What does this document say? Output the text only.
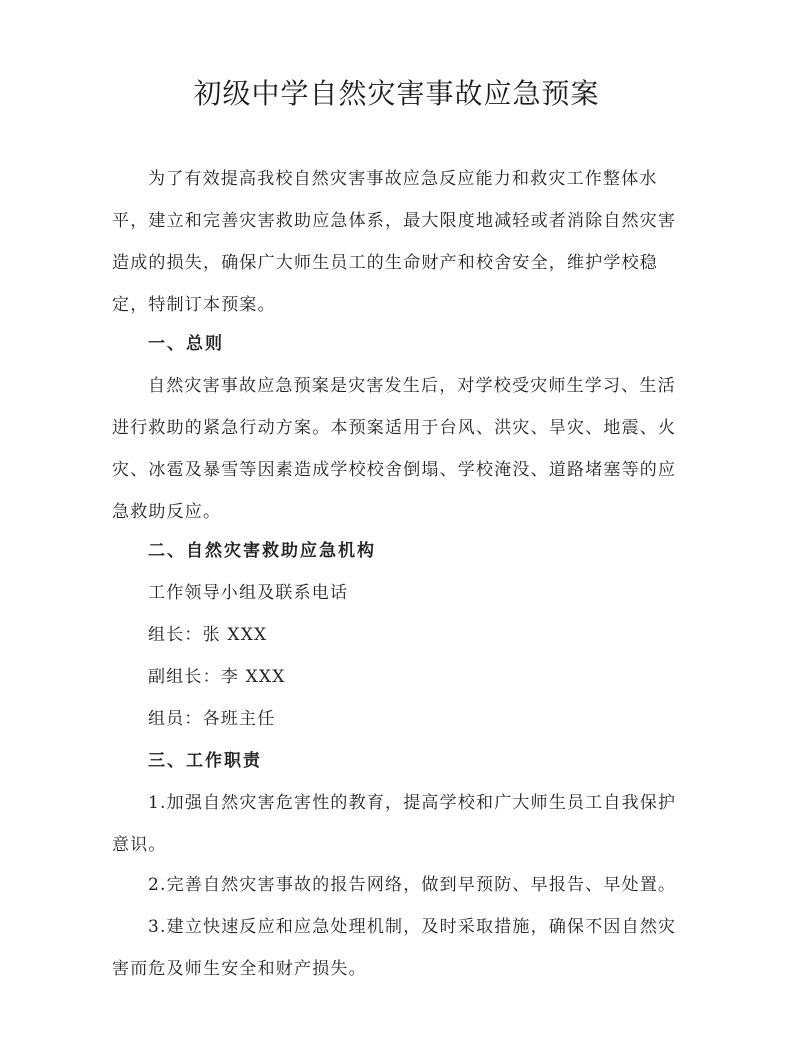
初级中学自然灾害事故应急预案
为了有效提高我校自然灾害事故应急反应能力和救灾工作整体水平，建立和完善灾害救助应急体系，最大限度地减轻或者消除自然灾害造成的损失，确保广大师生员工的生命财产和校舍安全，维护学校稳定，特制订本预案。
一、总则
自然灾害事故应急预案是灾害发生后，对学校受灾师生学习、生活进行救助的紧急行动方案。本预案适用于台风、洪灾、旱灾、地震、火灾、冰雹及暴雪等因素造成学校校舍倒塌、学校淹没、道路堵塞等的应急救助反应。
二、自然灾害救助应急机构
工作领导小组及联系电话
组长：张 XXX
副组长：李 XXX
组员：各班主任
三、工作职责
1.加强自然灾害危害性的教育，提高学校和广大师生员工自我保护意识。
2.完善自然灾害事故的报告网络，做到早预防、早报告、早处置。
3.建立快速反应和应急处理机制，及时采取措施，确保不因自然灾害而危及师生安全和财产损失。
